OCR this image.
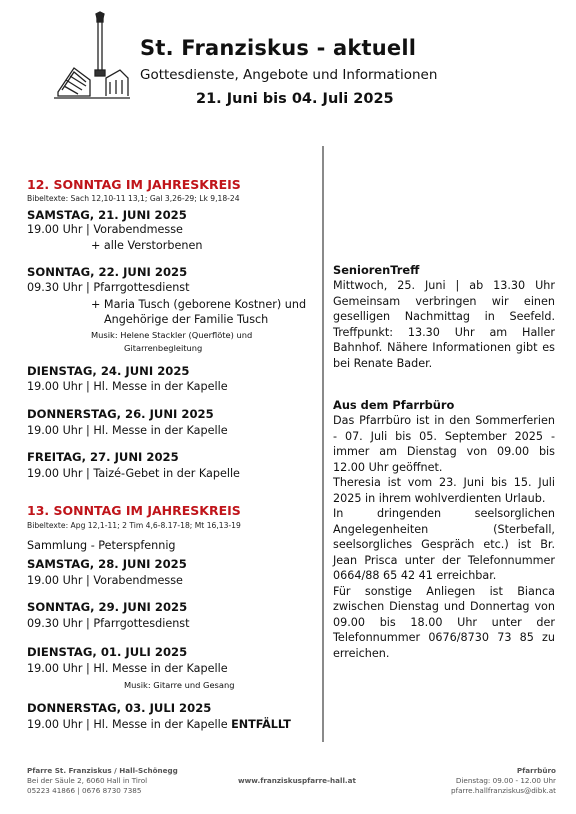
St. Franziskus - aktuell
Gottesdienste, Angebote und Informationen
21. Juni bis 04. Juli 2025
12. SONNTAG IM JAHRESKREIS
Bibeltexte: Sach 12,10-11 13,1; Gal 3,26-29; Lk 9,18-24
SAMSTAG, 21. JUNI 2025
19.00 Uhr | Vorabendmesse
+ alle Verstorbenen
SONNTAG, 22. JUNI 2025
09.30 Uhr | Pfarrgottesdienst
+ Maria Tusch (geborene Kostner) und
Angehörige der Familie Tusch
Musik: Helene Stackler (Querflöte) und
Gitarrenbegleitung
DIENSTAG, 24. JUNI 2025
19.00 Uhr | Hl. Messe in der Kapelle
DONNERSTAG, 26. JUNI 2025
19.00 Uhr | Hl. Messe in der Kapelle
FREITAG, 27. JUNI 2025
19.00 Uhr | Taizé-Gebet in der Kapelle
13. SONNTAG IM JAHRESKREIS
Bibeltexte: Apg 12,1-11; 2 Tim 4,6-8.17-18; Mt 16,13-19
Sammlung - Peterspfennig
SAMSTAG, 28. JUNI 2025
19.00 Uhr | Vorabendmesse
SONNTAG, 29. JUNI 2025
09.30 Uhr | Pfarrgottesdienst
DIENSTAG, 01. JULI 2025
19.00 Uhr | Hl. Messe in der Kapelle
Musik: Gitarre und Gesang
DONNERSTAG, 03. JULI 2025
19.00 Uhr | Hl. Messe in der Kapelle ENTFÄLLT
SeniorenTreff
Mittwoch, 25. Juni | ab 13.30 Uhr Gemeinsam verbringen wir einen geselligen Nachmittag in Seefeld. Treffpunkt: 13.30 Uhr am Haller Bahnhof. Nähere Informationen gibt es bei Renate Bader.
Aus dem Pfarrbüro
Das Pfarrbüro ist in den Sommerferien - 07. Juli bis 05. September 2025 - immer am Dienstag von 09.00 bis 12.00 Uhr geöffnet.
Theresia ist vom 23. Juni bis 15. Juli 2025 in ihrem wohlverdienten Urlaub.
In dringenden seelsorglichen Angelegenheiten (Sterbefall, seelsorgliches Gespräch etc.) ist Br. Jean Prisca unter der Telefonnummer 0664/88 65 42 41 erreichbar.
Für sonstige Anliegen ist Bianca zwischen Dienstag und Donnertag von 09.00 bis 18.00 Uhr unter der Telefonnummer 0676/8730 73 85 zu erreichen.
Pfarre St. Franziskus / Hall-Schönegg
Bei der Säule 2, 6060 Hall in Tirol
05223 41866 | 0676 8730 7385
www.franziskuspfarre-hall.at
Pfarrbüro
Dienstag: 09.00 - 12.00 Uhr
pfarre.hallfranziskus@dibk.at
